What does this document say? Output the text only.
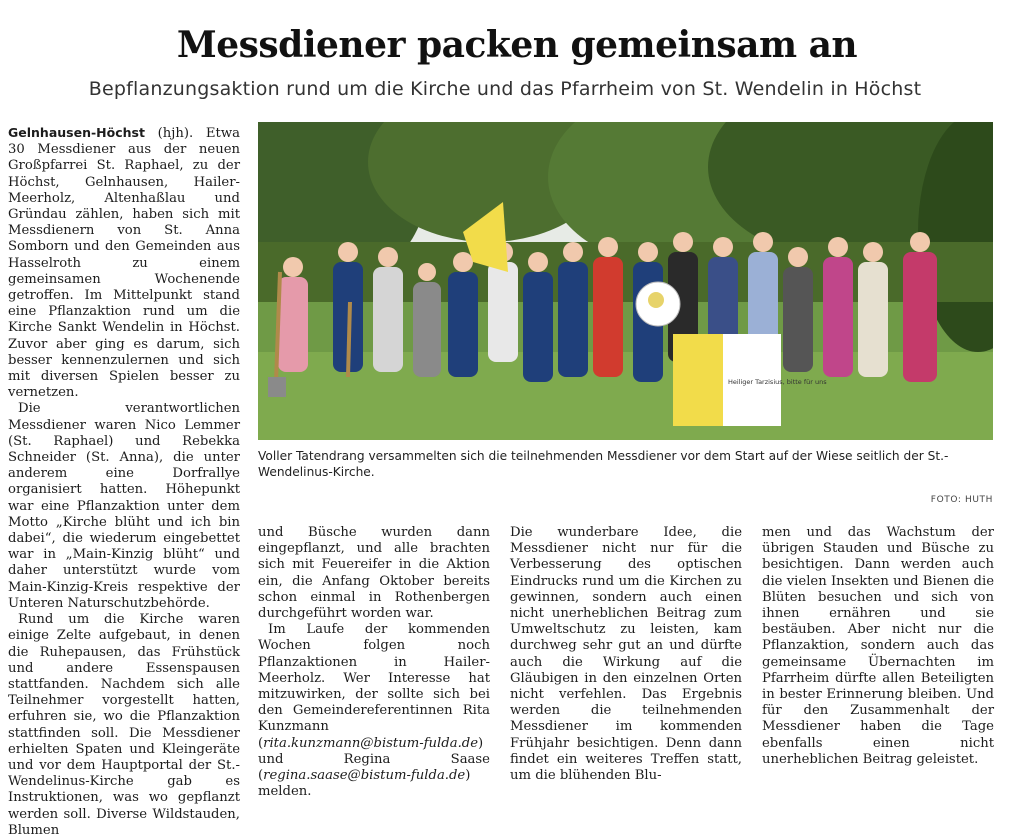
Messdiener packen gemeinsam an
Bepflanzungsaktion rund um die Kirche und das Pfarrheim von St. Wendelin in Höchst

Gelnhausen-Höchst (hjh). Etwa 30 Messdiener aus der neuen Großpfarrei St. Raphael, zu der Höchst, Gelnhausen, Hailer-Meerholz, Altenhaßlau und Gründau zählen, haben sich mit Messdienern von St. Anna Somborn und den Gemeinden aus Hasselroth zu einem gemeinsamen Wochenende getroffen. Im Mittelpunkt stand eine Pflanzaktion rund um die Kirche Sankt Wendelin in Höchst. Zuvor aber ging es darum, sich besser kennenzulernen und sich mit diversen Spielen besser zu vernetzen.

Die verantwortlichen Messdiener waren Nico Lemmer (St. Raphael) und Rebekka Schneider (St. Anna), die unter anderem eine Dorfrallye organisiert hatten. Höhepunkt war eine Pflanzaktion unter dem Motto „Kirche blüht und ich bin dabei“, die wiederum eingebettet war in „Main-Kinzig blüht“ und daher unterstützt wurde vom Main-Kinzig-Kreis respektive der Unteren Naturschutzbehörde.

Rund um die Kirche waren einige Zelte aufgebaut, in denen die Ruhepausen, das Frühstück und andere Essenspausen stattfanden. Nachdem sich alle Teilnehmer vorgestellt hatten, erfuhren sie, wo die Pflanzaktion stattfinden soll. Die Messdiener erhielten Spaten und Kleingeräte und vor dem Hauptportal der St.-Wendelinus-Kirche gab es Instruktionen, was wo gepflanzt werden soll. Diverse Wildstauden, Blumen

Heiliger Tarzisius, bitte für uns
Voller Tatendrang versammelten sich die teilnehmenden Messdiener vor dem Start auf der Wiese seitlich der St.-Wendelinus-Kirche.
FOTO: HUTH

und Büsche wurden dann eingepflanzt, und alle brachten sich mit Feuereifer in die Aktion ein, die Anfang Oktober bereits schon einmal in Rothenbergen durchgeführt worden war.

Im Laufe der kommenden Wochen folgen noch Pflanzaktionen in Hailer-Meerholz. Wer Interesse hat mitzuwirken, der sollte sich bei den Gemeindereferentinnen Rita Kunzmann (rita.kunzmann@bistum-fulda.de) und Regina Saase (regina.saase@bistum-fulda.de) melden.

Die wunderbare Idee, die Messdiener nicht nur für die Verbesserung des optischen Eindrucks rund um die Kirchen zu gewinnen, sondern auch einen nicht unerheblichen Beitrag zum Umweltschutz zu leisten, kam durchweg sehr gut an und dürfte auch die Wirkung auf die Gläubigen in den einzelnen Orten nicht verfehlen. Das Ergebnis werden die teilnehmenden Messdiener im kommenden Frühjahr besichtigen. Denn dann findet ein weiteres Treffen statt, um die blühenden Blu-

men und das Wachstum der übrigen Stauden und Büsche zu besichtigen. Dann werden auch die vielen Insekten und Bienen die Blüten besuchen und sich von ihnen ernähren und sie bestäuben. Aber nicht nur die Pflanzaktion, sondern auch das gemeinsame Übernachten im Pfarrheim dürfte allen Beteiligten in bester Erinnerung bleiben. Und für den Zusammenhalt der Messdiener haben die Tage ebenfalls einen nicht unerheblichen Beitrag geleistet.
